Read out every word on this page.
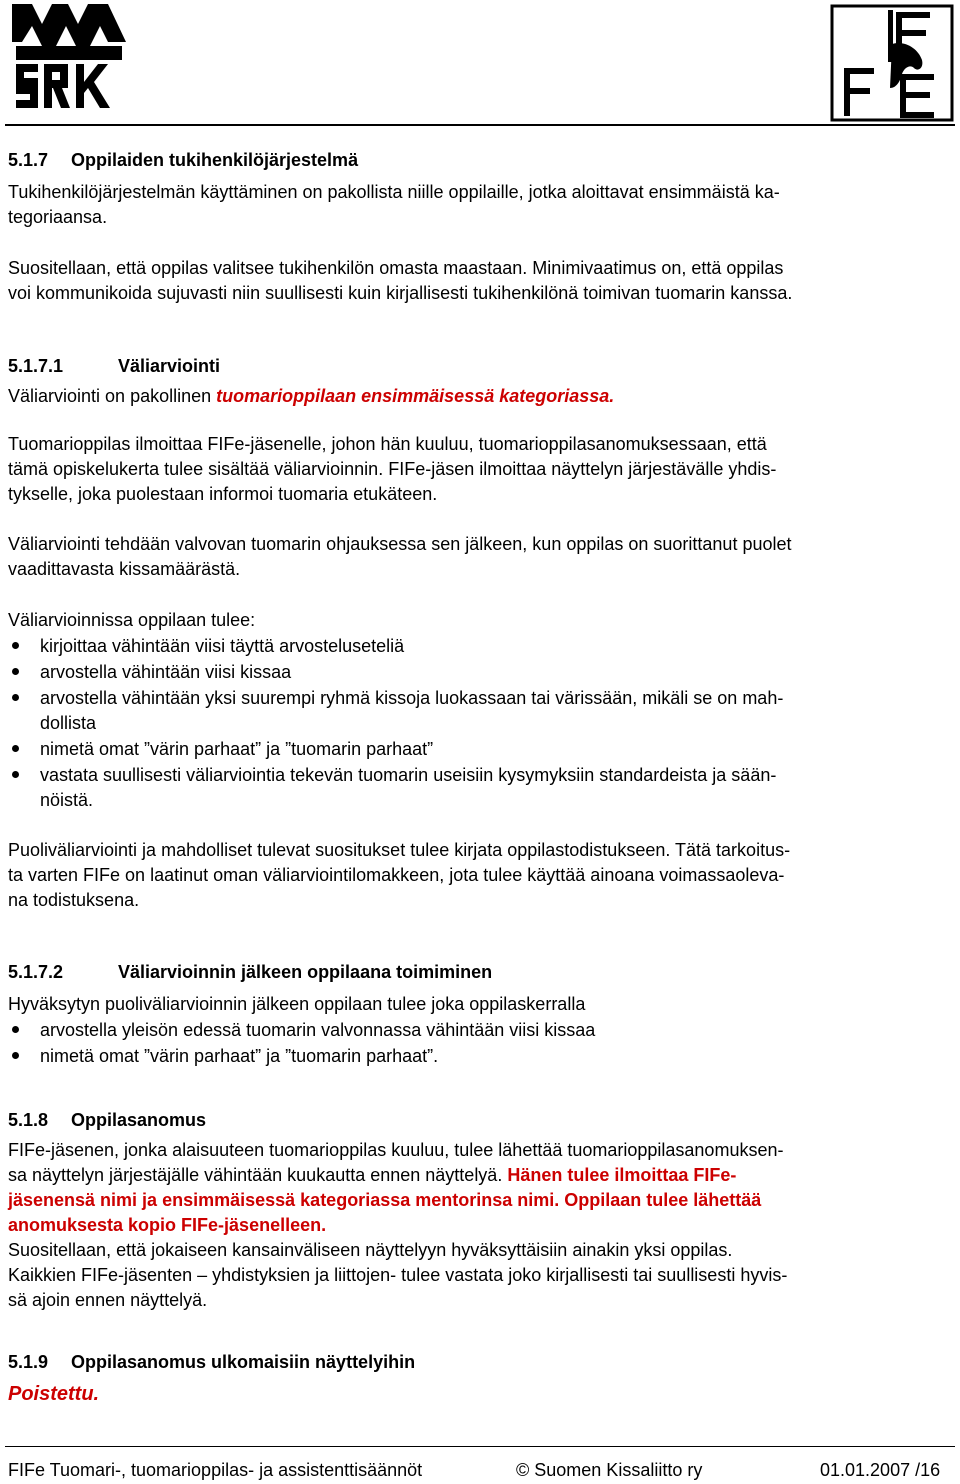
5.1.7 Oppilaiden tukihenkilöjärjestelmä

Tukihenkilöjärjestelmän käyttäminen on pakollista niille oppilaille, jotka aloittavat ensimmäistä ka-
tegoriaansa.

Suositellaan, että oppilas valitsee tukihenkilön omasta maastaan. Minimivaatimus on, että oppilas
voi kommunikoida sujuvasti niin suullisesti kuin kirjallisesti tukihenkilönä toimivan tuomarin kanssa.

5.1.7.1	Väliarviointi

Väliarviointi on pakollinen tuomarioppilaan ensimmäisessä kategoriassa.

Tuomarioppilas ilmoittaa FIFe-jäsenelle, johon hän kuuluu, tuomarioppilasanomuksessaan, että
tämä opiskelukerta tulee sisältää väliarvioinnin. FIFe-jäsen ilmoittaa näyttelyn järjestävälle yhdis-
tykselle, joka puolestaan informoi tuomaria etukäteen.

Väliarviointi tehdään valvovan tuomarin ohjauksessa sen jälkeen, kun oppilas on suorittanut puolet
vaadittavasta kissamäärästä.

Väliarvioinnissa oppilaan tulee:

kirjoittaa vähintään viisi täyttä arvosteluseteliä
arvostella vähintään viisi kissaa
arvostella vähintään yksi suurempi ryhmä kissoja luokassaan tai värissään, mikäli se on mah-
dollista
nimetä omat ”värin parhaat” ja ”tuomarin parhaat”
vastata suullisesti väliarviointia tekevän tuomarin useisiin kysymyksiin standardeista ja sään-
nöistä.

Puoliväliarviointi ja mahdolliset tulevat suositukset tulee kirjata oppilastodistukseen. Tätä tarkoitus-
ta varten FIFe on laatinut oman väliarviointilomakkeen, jota tulee käyttää ainoana voimassaoleva-
na todistuksena.

5.1.7.2	Väliarvioinnin jälkeen oppilaana toimiminen

Hyväksytyn puoliväliarvioinnin jälkeen oppilaan tulee joka oppilaskerralla

arvostella yleisön edessä tuomarin valvonnassa vähintään viisi kissaa
nimetä omat ”värin parhaat” ja ”tuomarin parhaat”.
5.1.8 Oppilasanomus

FIFe-jäsenen, jonka alaisuuteen tuomarioppilas kuuluu, tulee lähettää tuomarioppilasanomuksen-
sa näyttelyn järjestäjälle vähintään kuukautta ennen näyttelyä. Hänen tulee ilmoittaa FIFe-
jäsenensä nimi ja ensimmäisessä kategoriassa mentorinsa nimi. Oppilaan tulee lähettää
anomuksesta kopio FIFe-jäsenelleen.
Suositellaan, että jokaiseen kansainväliseen näyttelyyn hyväksyttäisiin ainakin yksi oppilas.
Kaikkien FIFe-jäsenten – yhdistyksien ja liittojen- tulee vastata joko kirjallisesti tai suullisesti hyvis-
sä ajoin ennen näyttelyä.

5.1.9 Oppilasanomus ulkomaisiin näyttelyihin

Poistettu.

FIFe Tuomari-, tuomarioppilas- ja assistenttisäännöt	© Suomen Kissaliitto ry	01.01.2007 /16
